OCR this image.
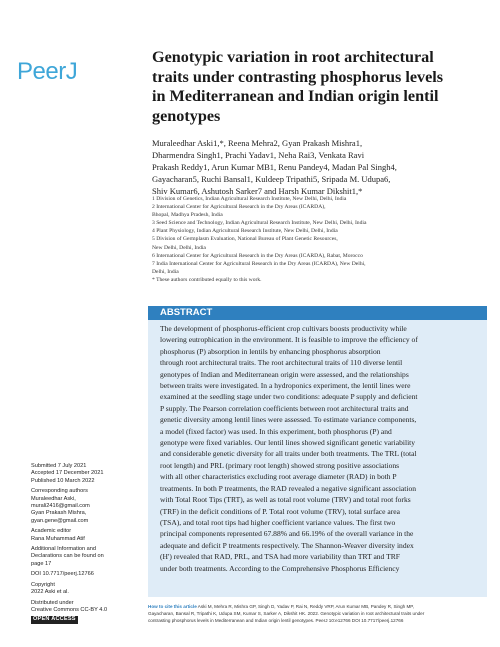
PeerJ
Genotypic variation in root architectural
traits under contrasting phosphorus levels
in Mediterranean and Indian origin lentil
genotypes
Muraleedhar Aski1,*, Reena Mehra2, Gyan Prakash Mishra1,
Dharmendra Singh1, Prachi Yadav1, Neha Rai3, Venkata Ravi
Prakash Reddy1, Arun Kumar MB1, Renu Pandey4, Madan Pal Singh4,
Gayacharan5, Ruchi Bansal1, Kuldeep Tripathi5, Sripada M. Udupa6,
Shiv Kumar6, Ashutosh Sarker7 and Harsh Kumar Dikshit1,*
1 Division of Genetics, Indian Agricultural Research Institute, New Delhi, Delhi, India
2 International Center for Agricultural Research in the Dry Areas (ICARDA),
Bhopal, Madhya Pradesh, India
3 Seed Science and Technology, Indian Agricultural Research Institute, New Delhi, Delhi, India
4 Plant Physiology, Indian Agricultural Research Institute, New Delhi, Delhi, India
5 Division of Germplasm Evaluation, National Bureau of Plant Genetic Resources,
New Delhi, Delhi, India
6 International Center for Agricultural Research in the Dry Areas (ICARDA), Rabat, Morocco
7 India International Center for Agricultural Research in the Dry Areas (ICARDA), New Delhi,
Delhi, India
* These authors contributed equally to this work.
ABSTRACT
The development of phosphorus-efficient crop cultivars boosts productivity while
lowering eutrophication in the environment. It is feasible to improve the efficiency of
phosphorus (P) absorption in lentils by enhancing phosphorus absorption
through root architectural traits. The root architectural traits of 110 diverse lentil
genotypes of Indian and Mediterranean origin were assessed, and the relationships
between traits were investigated. In a hydroponics experiment, the lentil lines were
examined at the seedling stage under two conditions: adequate P supply and deficient
P supply. The Pearson correlation coefficients between root architectural traits and
genetic diversity among lentil lines were assessed. To estimate variance components,
a model (fixed factor) was used. In this experiment, both phosphorus (P) and
genotype were fixed variables. Our lentil lines showed significant genetic variability
and considerable genetic diversity for all traits under both treatments. The TRL (total
root length) and PRL (primary root length) showed strong positive associations
with all other characteristics excluding root average diameter (RAD) in both P
treatments. In both P treatments, the RAD revealed a negative significant association
with Total Root Tips (TRT), as well as total root volume (TRV) and total root forks
(TRF) in the deficit conditions of P. Total root volume (TRV), total surface area
(TSA), and total root tips had higher coefficient variance values. The first two
principal components represented 67.88% and 66.19% of the overall variance in the
adequate and deficit P treatments respectively. The Shannon-Weaver diversity index
(H') revealed that RAD, PRL, and TSA had more variability than TRT and TRF
under both treatments. According to the Comprehensive Phosphorus Efficiency
Submitted 7 July 2021
Accepted 17 December 2021
Published 10 March 2022
Corresponding authors
Muraleedhar Aski,
murali2416@gmail.com
Gyan Prakash Mishra,
gyan.gene@gmail.com
Academic editor
Rana Muhammad Atif
Additional Information and
Declarations can be found on
page 17
DOI 10.7717/peerj.12766
Copyright
2022 Aski et al.
Distributed under
Creative Commons CC-BY 4.0
OPEN ACCESS
How to cite this article Aski M, Mehra R, Mishra GP, Singh D, Yadav P, Rai N, Reddy VRP, Arun Kumar MB, Pandey R, Singh MP,
Gayacharan, Bansal R, Tripathi K, Udupa SM, Kumar S, Sarker A, Dikshit HK. 2022. Genotypic variation in root architectural traits under
contrasting phosphorus levels in Mediterranean and Indian origin lentil genotypes. PeerJ 10:e12766 DOI 10.7717/peerj.12766
